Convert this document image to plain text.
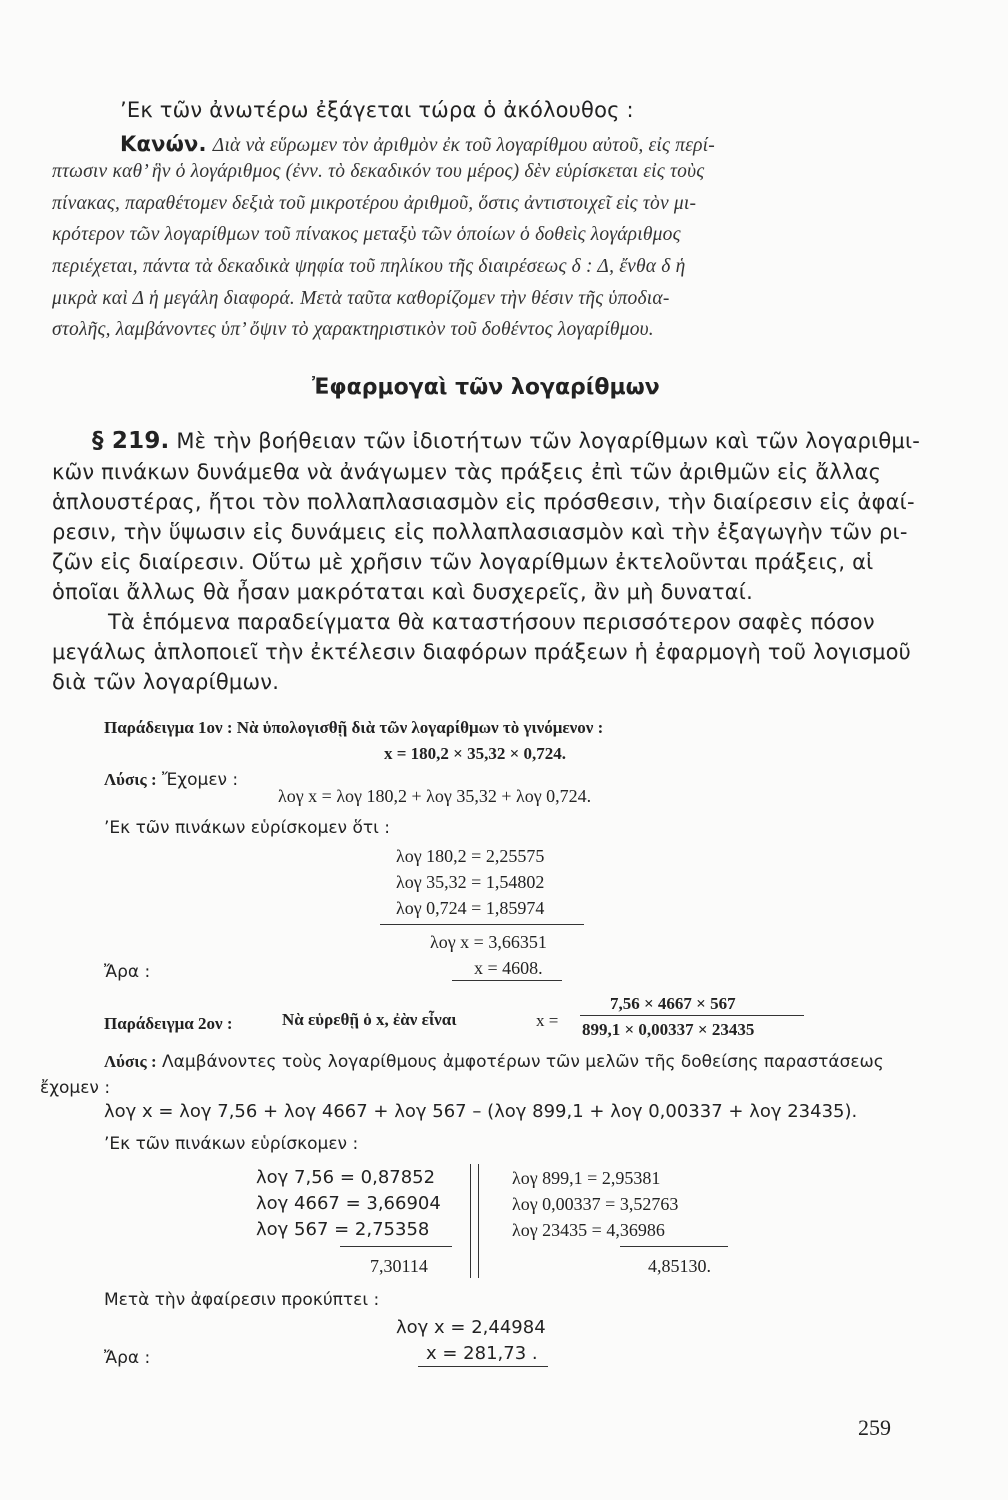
’Εκ τῶν ἀνωτέρω ἐξάγεται τώρα ὁ ἀκόλουθος :
Κανών. Διὰ νὰ εὕρωμεν τὸν ἀριθμὸν ἐκ τοῦ λογαρίθμου αὐτοῦ, εἰς περί-
πτωσιν καθ’ ἣν ὁ λογάριθμος (ἐνν. τὸ δεκαδικόν του μέρος) δὲν εὑρίσκεται εἰς τοὺς
πίνακας, παραθέτομεν δεξιὰ τοῦ μικροτέρου ἀριθμοῦ, ὅστις ἀντιστοιχεῖ εἰς τὸν μι-
κρότερον τῶν λογαρίθμων τοῦ πίνακος μεταξὺ τῶν ὁποίων ὁ δοθεὶς λογάριθμος
περιέχεται, πάντα τὰ δεκαδικὰ ψηφία τοῦ πηλίκου τῆς διαιρέσεως δ : Δ, ἔνθα δ ἡ
μικρὰ καὶ Δ ἡ μεγάλη διαφορά. Μετὰ ταῦτα καθορίζομεν τὴν θέσιν τῆς ὑποδια-
στολῆς, λαμβάνοντες ὑπ’ ὄψιν τὸ χαρακτηριστικὸν τοῦ δοθέντος λογαρίθμου.
Ἐφαρμογαὶ τῶν λογαρίθμων
§ 219. Μὲ τὴν βοήθειαν τῶν ἰδιοτήτων τῶν λογαρίθμων καὶ τῶν λογαριθμι-
κῶν πινάκων δυνάμεθα νὰ ἀνάγωμεν τὰς πράξεις ἐπὶ τῶν ἀριθμῶν εἰς ἄλλας
ἁπλουστέρας, ἤτοι τὸν πολλαπλασιασμὸν εἰς πρόσθεσιν, τὴν διαίρεσιν εἰς ἀφαί-
ρεσιν, τὴν ὕψωσιν εἰς δυνάμεις εἰς πολλαπλασιασμὸν καὶ τὴν ἐξαγωγὴν τῶν ρι-
ζῶν εἰς διαίρεσιν. Οὕτω μὲ χρῆσιν τῶν λογαρίθμων ἐκτελοῦνται πράξεις, αἱ
ὁποῖαι ἄλλως θὰ ἦσαν μακρόταται καὶ δυσχερεῖς, ἂν μὴ δυναταί.
Τὰ ἑπόμενα παραδείγματα θὰ καταστήσουν περισσότερον σαφὲς πόσον
μεγάλως ἁπλοποιεῖ τὴν ἐκτέλεσιν διαφόρων πράξεων ἡ ἐφαρμογὴ τοῦ λογισμοῦ
διὰ τῶν λογαρίθμων.
Παράδειγμα 1ον : Νὰ ὑπολογισθῇ διὰ τῶν λογαρίθμων τὸ γινόμενον :
x = 180,2 × 35,32 × 0,724.
Λύσις : Ἔχομεν :
λογ x = λογ 180,2 + λογ 35,32 + λογ 0,724.
’Εκ τῶν πινάκων εὑρίσκομεν ὅτι :
λογ 180,2 = 2,25575
λογ 35,32 = 1,54802
λογ 0,724 = 1,85974
λογ x = 3,66351
Ἄρα :	x = 4608.
Παράδειγμα 2ον :	Νὰ εὑρεθῇ ὁ x, ἐὰν εἶναι	x =
7,56 × 4667 × 567
899,1 × 0,00337 × 23435
Λύσις : Λαμβάνοντες τοὺς λογαρίθμους ἀμφοτέρων τῶν μελῶν τῆς δοθείσης παραστάσεως
ἔχομεν :
λογ x = λογ 7,56 + λογ 4667 + λογ 567 – (λογ 899,1 + λογ 0,00337 + λογ 23435).
’Εκ τῶν πινάκων εὑρίσκομεν :
λογ 7,56 = 0,87852
λογ 4667 = 3,66904
λογ 567 = 2,75358
7,30114
λογ 899,1 = 2,95381
λογ 0,00337 = 3,52763
λογ 23435 = 4,36986
4,85130.
Μετὰ τὴν ἀφαίρεσιν προκύπτει :
λογ x = 2,44984
Ἄρα :	x = 281,73 .
259
